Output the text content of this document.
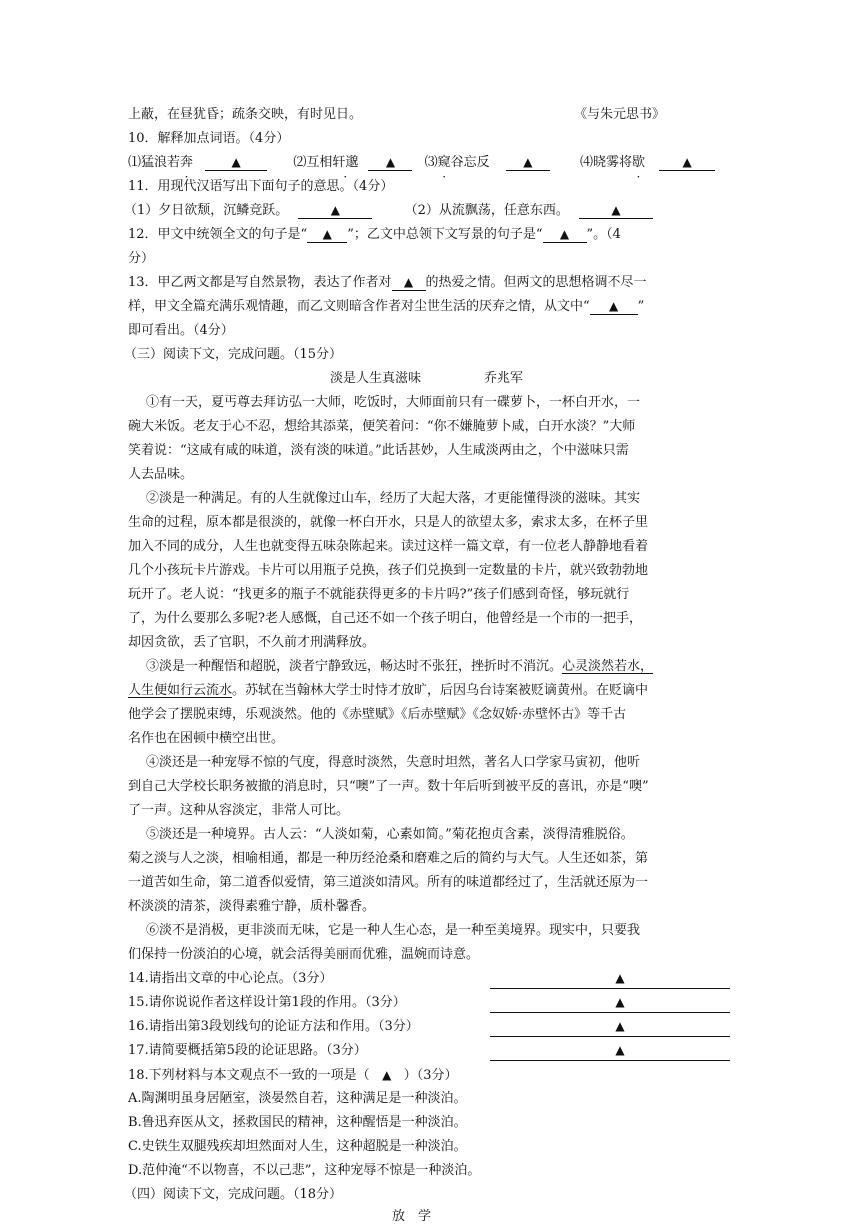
上蔽，在昼犹昏；疏条交映，有时见日。	《与朱元思书》
10．解释加点词语。（4分）
⑴猛浪若奔	▲	⑵互相轩邈 ▲ ⑶窥谷忘反	▲	⑷晓雾将歇	▲
11．用现代汉语写出下面句子的意思。（4分）
（1）夕日欲颓，沉鳞竞跃。	▲	（2）从流飘荡，任意东西。	▲
12．甲文中统领全文的句子是“ ▲ ”；乙文中总领下文写景的句子是“ ▲ ”。（4
分）
13．甲乙两文都是写自然景物，表达了作者对 ▲ 的热爱之情。但两文的思想格调不尽一
样，甲文全篇充满乐观情趣，而乙文则暗含作者对尘世生活的厌弃之情，从文中“ ▲ ”
即可看出。（4分）
（三）阅读下文，完成问题。（15分）
淡是人生真滋味	乔兆军
①有一天，夏丐尊去拜访弘一大师，吃饭时，大师面前只有一碟萝卜，一杯白开水，一
碗大米饭。老友于心不忍，想给其添菜，便笑着问：“你不嫌腌萝卜咸，白开水淡？”大师
笑着说：“这咸有咸的味道，淡有淡的味道。”此话甚妙，人生咸淡两由之，个中滋味只需
人去品味。
②淡是一种满足。有的人生就像过山车，经历了大起大落，才更能懂得淡的滋味。其实
生命的过程，原本都是很淡的，就像一杯白开水，只是人的欲望太多，索求太多，在杯子里
加入不同的成分，人生也就变得五味杂陈起来。读过这样一篇文章，有一位老人静静地看着
几个小孩玩卡片游戏。卡片可以用瓶子兑换，孩子们兑换到一定数量的卡片，就兴致勃勃地
玩开了。老人说：“找更多的瓶子不就能获得更多的卡片吗?”孩子们感到奇怪，够玩就行
了，为什么要那么多呢?老人感慨，自己还不如一个孩子明白，他曾经是一个市的一把手，
却因贪欲，丢了官职，不久前才刑满释放。
③淡是一种醒悟和超脱，淡者宁静致远，畅达时不张狂，挫折时不消沉。心灵淡然若水，
人生便如行云流水。苏轼在当翰林大学士时恃才放旷，后因乌台诗案被贬谪黄州。在贬谪中
他学会了摆脱束缚，乐观淡然。他的《赤壁赋》《后赤壁赋》《念奴娇·赤壁怀古》等千古
名作也在困顿中横空出世。
④淡还是一种宠辱不惊的气度，得意时淡然，失意时坦然，著名人口学家马寅初，他听
到自己大学校长职务被撤的消息时，只“噢”了一声。数十年后听到被平反的喜讯，亦是“噢”
了一声。这种从容淡定，非常人可比。
⑤淡还是一种境界。古人云：“人淡如菊，心素如简。”菊花抱贞含素，淡得清雅脱俗。
菊之淡与人之淡，相喻相通，都是一种历经沧桑和磨难之后的简约与大气。人生还如茶，第
一道苦如生命，第二道香似爱情，第三道淡如清风。所有的味道都经过了，生活就还原为一
杯淡淡的清茶，淡得素雅宁静，质朴馨香。
⑥淡不是消极，更非淡而无味，它是一种人生心态，是一种至美境界。现实中，只要我
们保持一份淡泊的心境，就会活得美丽而优雅，温婉而诗意。
14.请指出文章的中心论点。（3分）	▲
15.请你说说作者这样设计第1段的作用。（3分）	▲
16.请指出第3段划线句的论证方法和作用。（3分）	▲
17.请简要概括第5段的论证思路。（3分）	▲
18.下列材料与本文观点不一致的一项是（ ▲ ）（3分）
A.陶渊明虽身居陋室，淡晏然自若，这种满足是一种淡泊。
B.鲁迅弃医从文，拯救国民的精神，这种醒悟是一种淡泊。
C.史铁生双腿残疾却坦然面对人生，这种超脱是一种淡泊。
D.范仲淹“不以物喜，不以己悲”，这种宠辱不惊是一种淡泊。
（四）阅读下文，完成问题。（18分）
放　学
